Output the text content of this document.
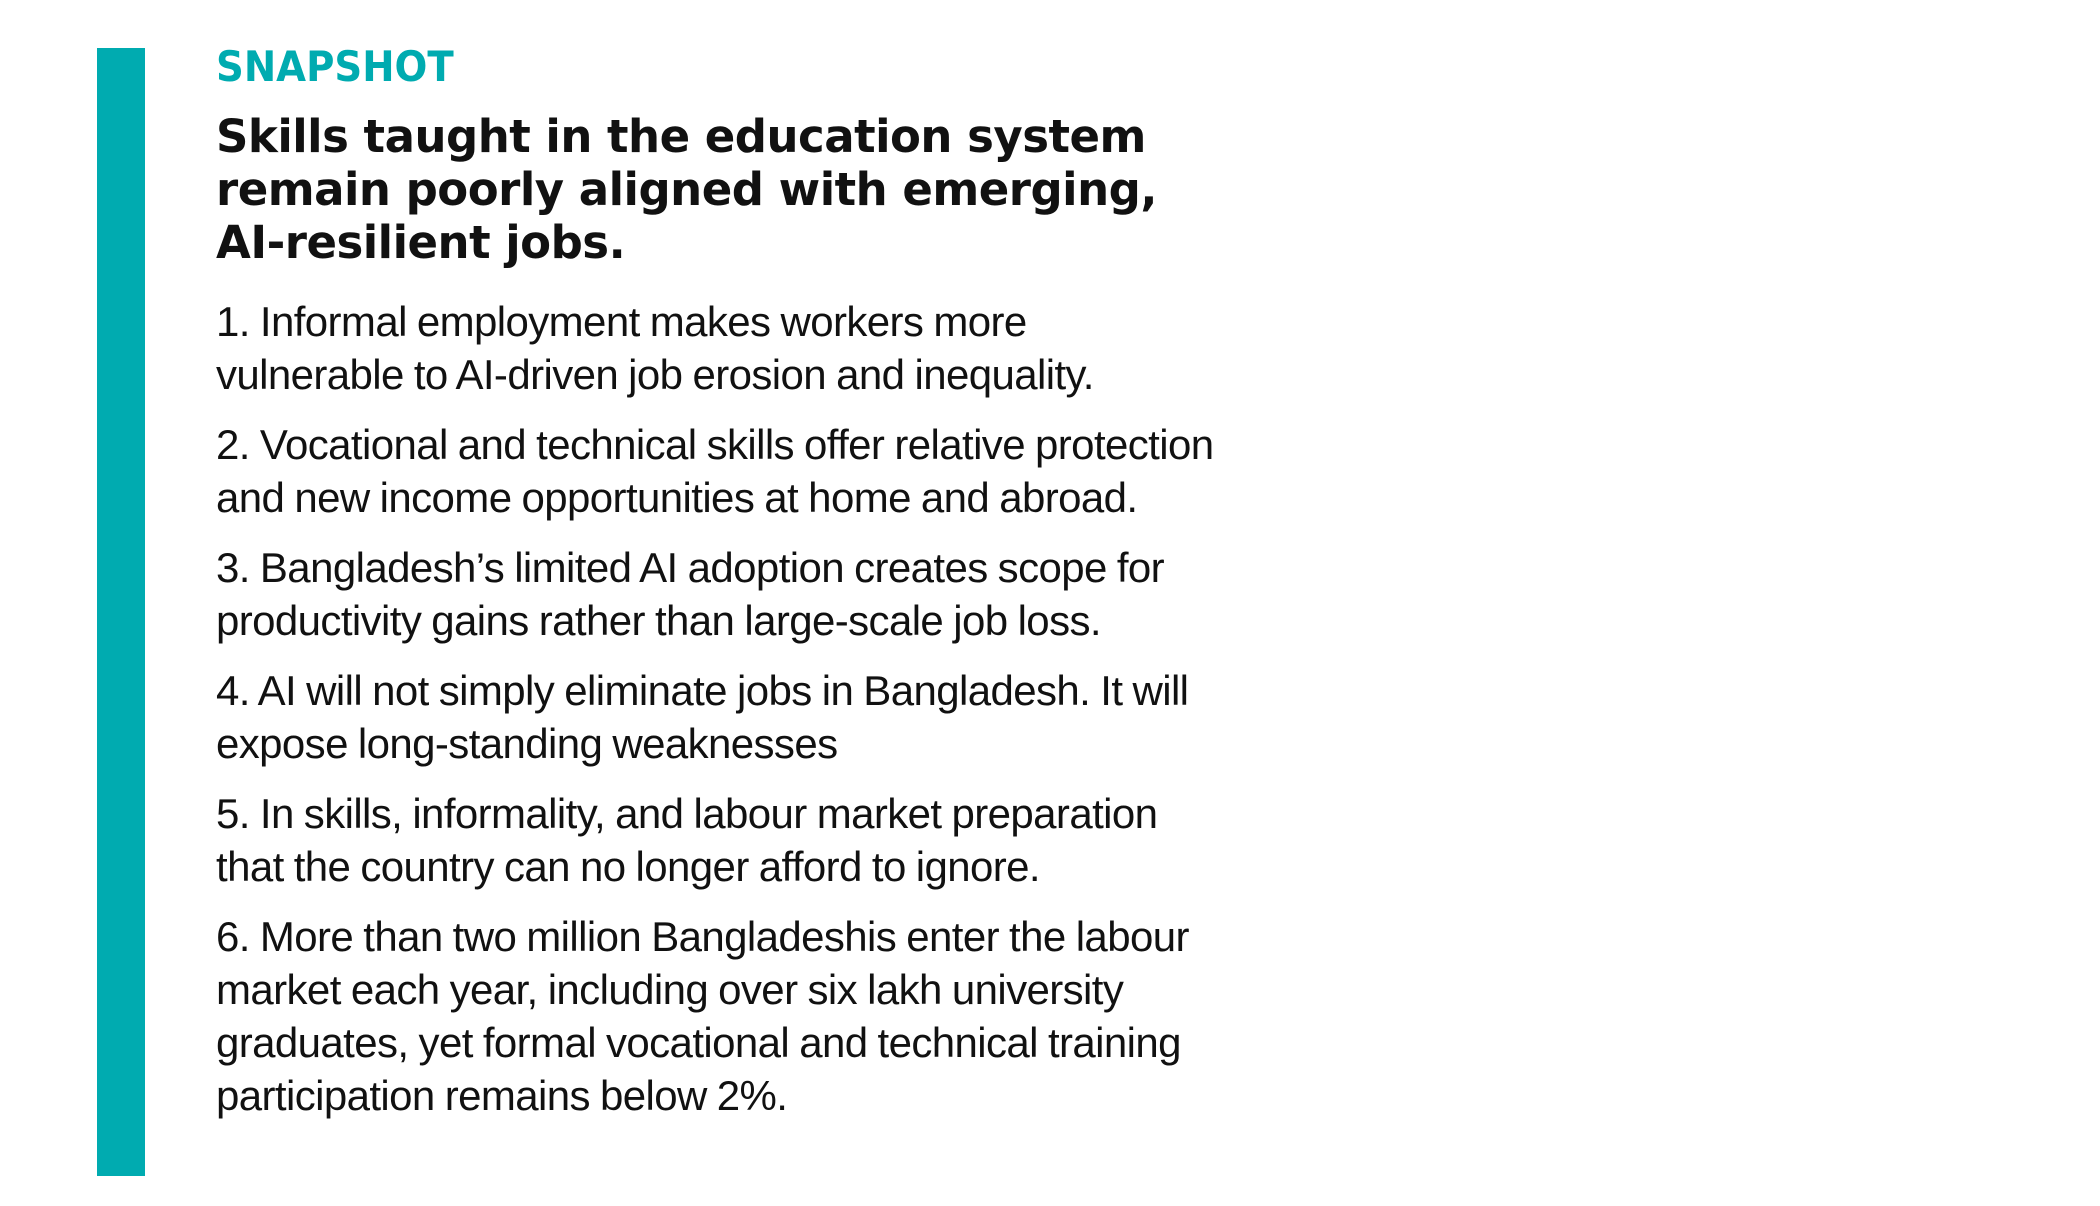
SNAPSHOT
Skills taught in the education system remain poorly aligned with emerging, AI-resilient jobs.
1. Informal employment makes workers more vulnerable to AI-driven job erosion and inequality.
2. Vocational and technical skills offer relative protection and new income opportunities at home and abroad.
3. Bangladesh’s limited AI adoption creates scope for productivity gains rather than large-scale job loss.
4. AI will not simply eliminate jobs in Bangladesh. It will expose long-standing weaknesses
5. In skills, informality, and labour market preparation that the country can no longer afford to ignore.
6. More than two million Bangladeshis enter the labour market each year, including over six lakh university graduates, yet formal vocational and technical training participation remains below 2%.
